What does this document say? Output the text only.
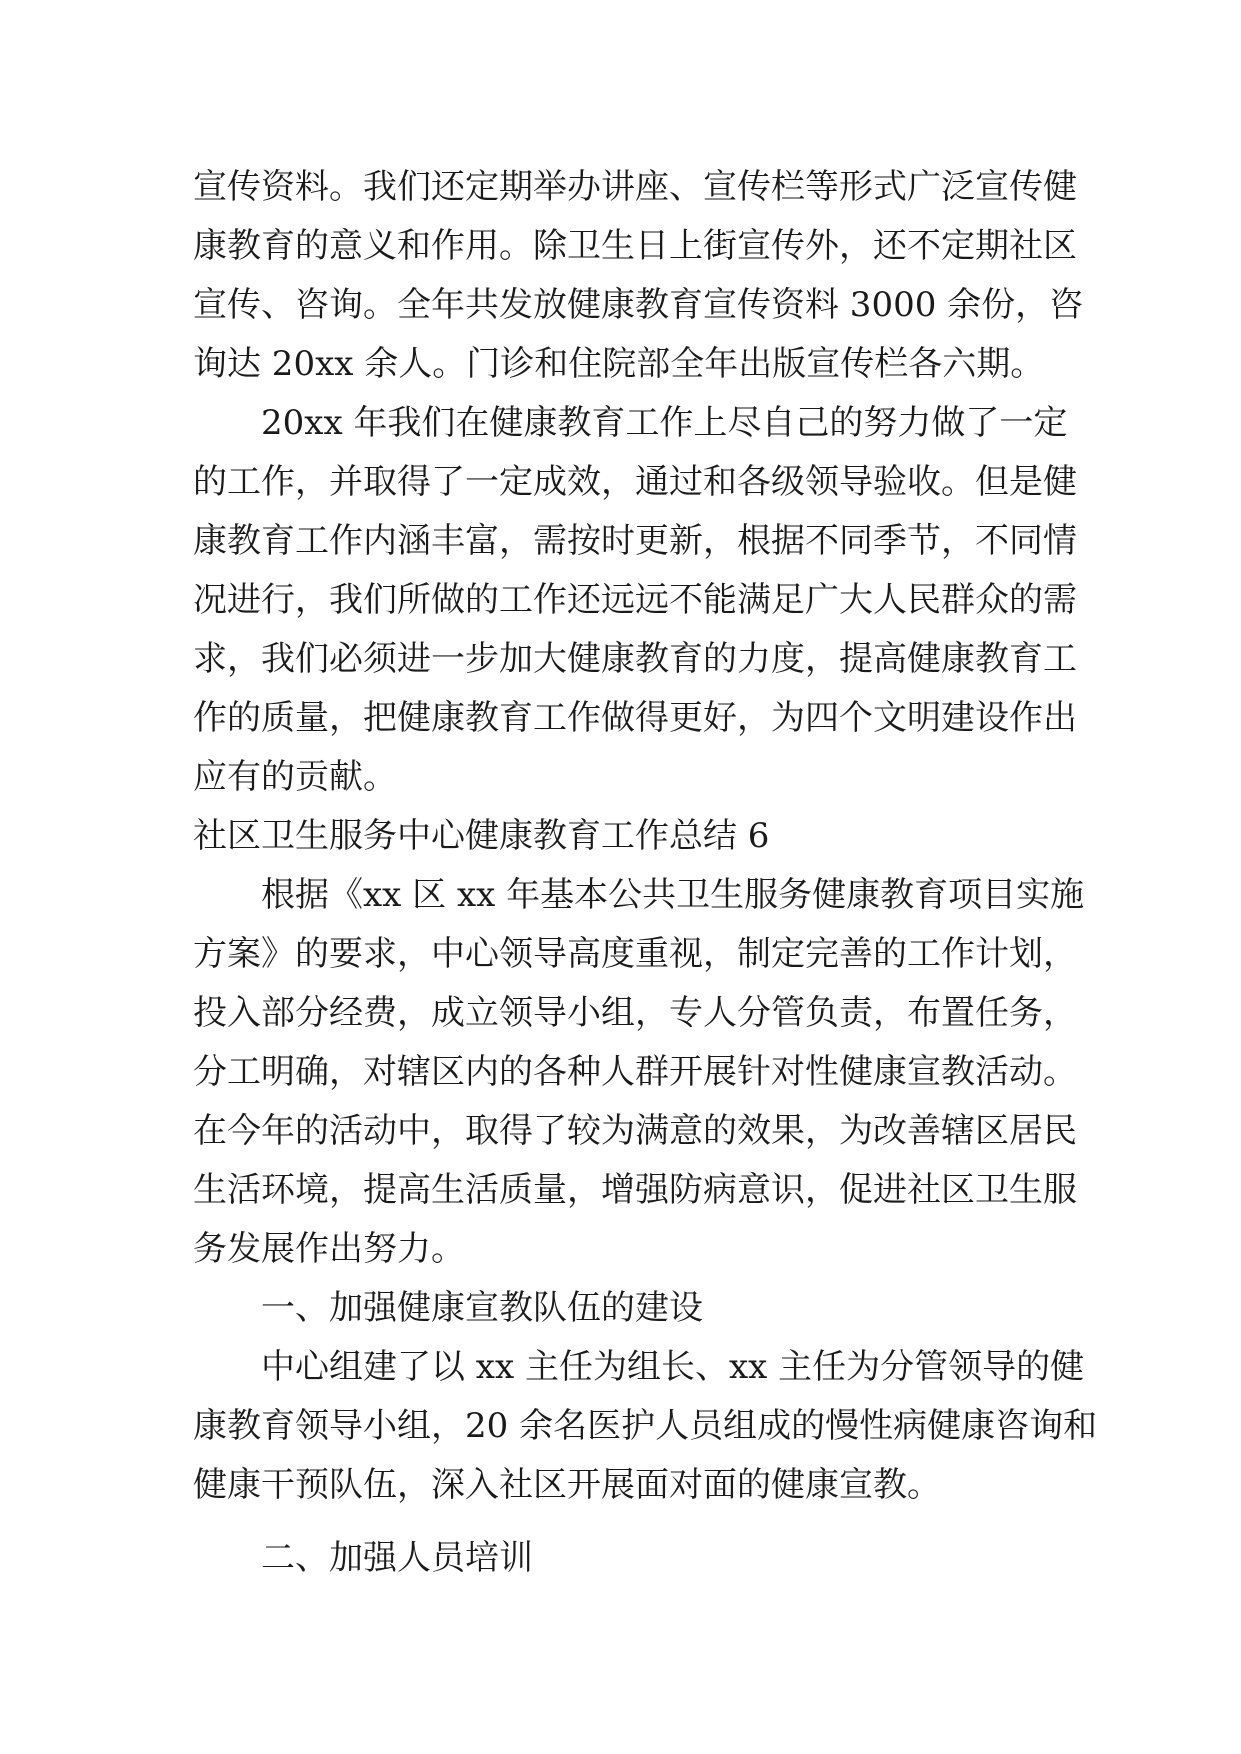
宣传资料。我们还定期举办讲座、宣传栏等形式广泛宣传健
康教育的意义和作用。除卫生日上街宣传外，还不定期社区
宣传、咨询。全年共发放健康教育宣传资料 3000 余份，咨
询达 20xx 余人。门诊和住院部全年出版宣传栏各六期。
20xx 年我们在健康教育工作上尽自己的努力做了一定
的工作，并取得了一定成效，通过和各级领导验收。但是健
康教育工作内涵丰富，需按时更新，根据不同季节，不同情
况进行，我们所做的工作还远远不能满足广大人民群众的需
求，我们必须进一步加大健康教育的力度，提高健康教育工
作的质量，把健康教育工作做得更好，为四个文明建设作出
应有的贡献。
社区卫生服务中心健康教育工作总结 6
根据《xx 区 xx 年基本公共卫生服务健康教育项目实施
方案》的要求，中心领导高度重视，制定完善的工作计划，
投入部分经费，成立领导小组，专人分管负责，布置任务，
分工明确，对辖区内的各种人群开展针对性健康宣教活动。
在今年的活动中，取得了较为满意的效果，为改善辖区居民
生活环境，提高生活质量，增强防病意识，促进社区卫生服
务发展作出努力。
一、加强健康宣教队伍的建设
中心组建了以 xx 主任为组长、xx 主任为分管领导的健
康教育领导小组，20 余名医护人员组成的慢性病健康咨询和
健康干预队伍，深入社区开展面对面的健康宣教。
二、加强人员培训
